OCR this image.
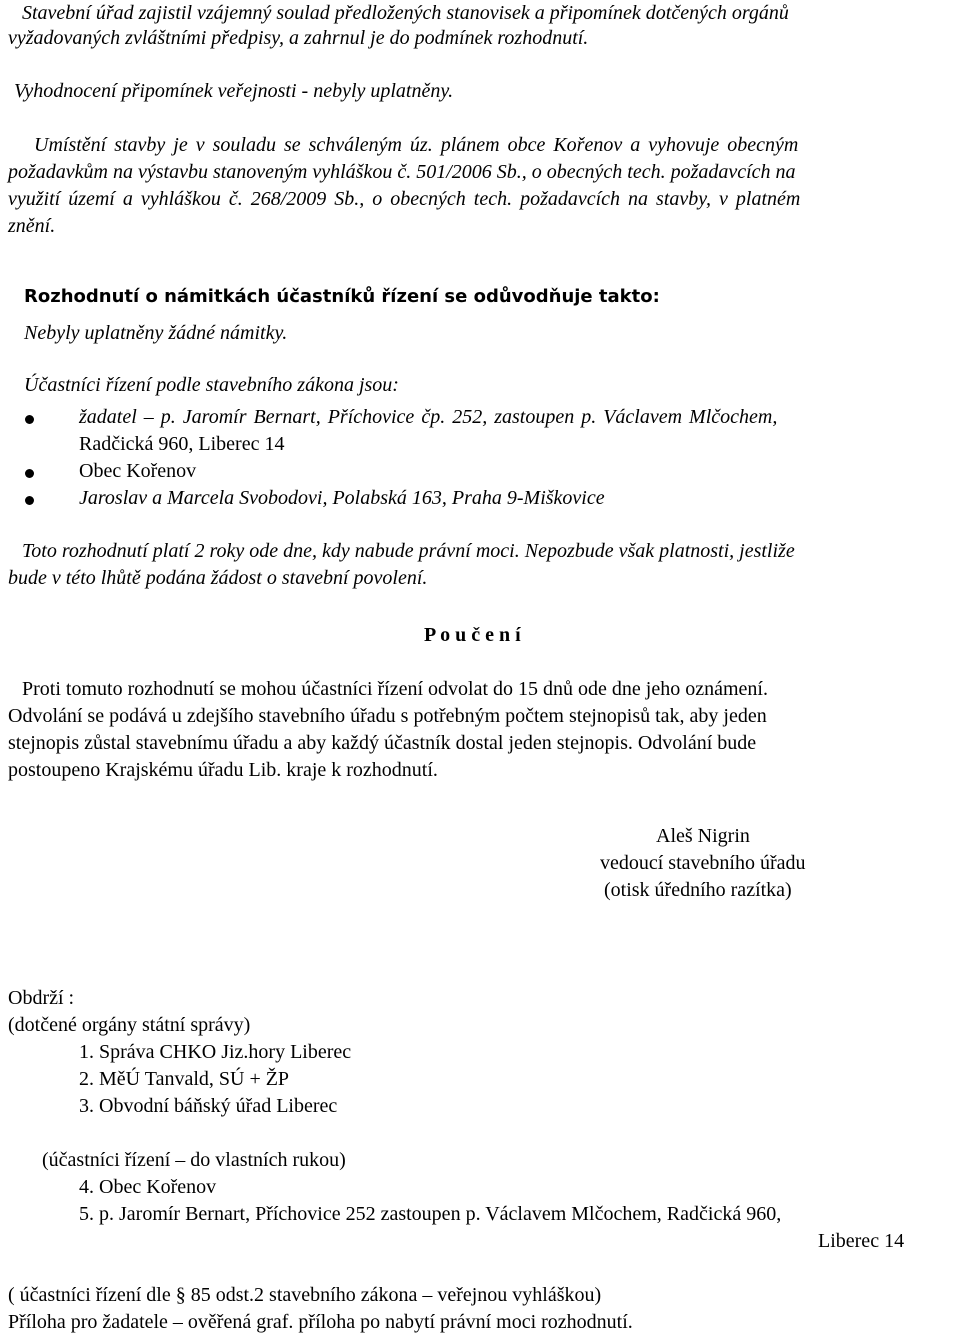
Stavební úřad zajistil vzájemný soulad předložených stanovisek a připomínek dotčených orgánů
vyžadovaných zvláštními předpisy, a zahrnul je do podmínek rozhodnutí.
Vyhodnocení připomínek veřejnosti - nebyly uplatněny.
Umístění stavby je v souladu se schváleným úz. plánem obce Kořenov a vyhovuje obecným
požadavkům na výstavbu stanoveným vyhláškou č. 501/2006 Sb., o obecných tech. požadavcích na
využití území a vyhláškou č. 268/2009 Sb., o obecných tech. požadavcích na stavby, v platném
znění.
Rozhodnutí o námitkách účastníků řízení se odůvodňuje takto:
Nebyly uplatněny žádné námitky.
Účastníci řízení podle stavebního zákona jsou:
žadatel – p. Jaromír Bernart, Příchovice čp. 252, zastoupen p. Václavem Mlčochem,
Radčická 960, Liberec 14
Obec Kořenov
Jaroslav a Marcela Svobodovi, Polabská 163, Praha 9-Miškovice
Toto rozhodnutí platí 2 roky ode dne, kdy nabude právní moci. Nepozbude však platnosti, jestliže
bude v této lhůtě podána žádost o stavební povolení.
P o u č e n í
Proti tomuto rozhodnutí se mohou účastníci řízení odvolat do 15 dnů ode dne jeho oznámení.
Odvolání se podává u zdejšího stavebního úřadu s potřebným počtem stejnopisů tak, aby jeden
stejnopis zůstal stavebnímu úřadu a aby každý účastník dostal jeden stejnopis. Odvolání bude
postoupeno Krajskému úřadu Lib. kraje k rozhodnutí.
Aleš Nigrin
vedoucí stavebního úřadu
(otisk úředního razítka)
Obdrží :
(dotčené orgány státní správy)
1. Správa CHKO Jiz.hory Liberec
2. MěÚ Tanvald, SÚ + ŽP
3. Obvodní báňský úřad Liberec
(účastníci řízení – do vlastních rukou)
4. Obec Kořenov
5. p. Jaromír Bernart, Příchovice 252 zastoupen p. Václavem Mlčochem, Radčická 960,
Liberec 14
( účastníci řízení dle § 85 odst.2 stavebního zákona – veřejnou vyhláškou)
Příloha pro žadatele – ověřená graf. příloha po nabytí právní moci rozhodnutí.
